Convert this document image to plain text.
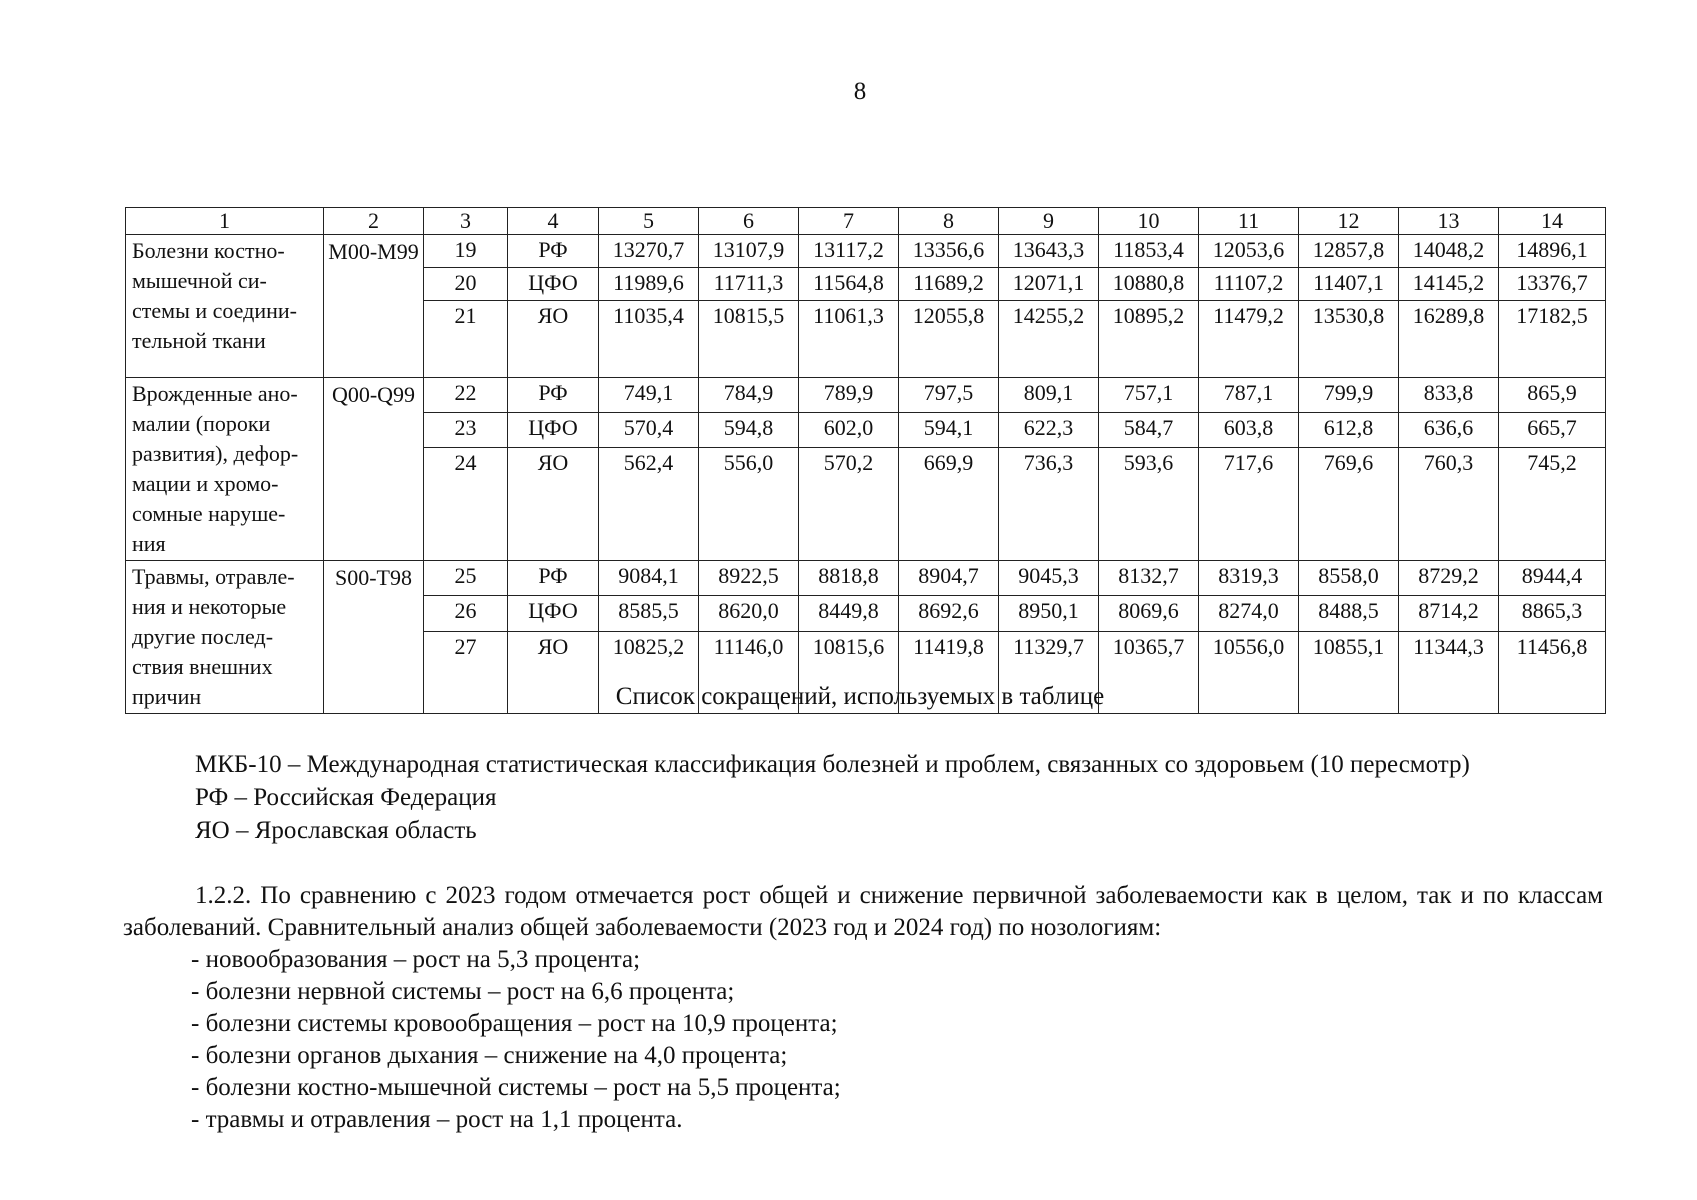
8
1	2	3	4	5	6	7	8	9	10	11	12	13	14
Болезни костно-мышечной си-стемы и соедини-тельной ткани	M00-M99	19	РФ	13270,7	13107,9	13117,2	13356,6	13643,3	11853,4	12053,6	12857,8	14048,2	14896,1
		20	ЦФО	11989,6	11711,3	11564,8	11689,2	12071,1	10880,8	11107,2	11407,1	14145,2	13376,7
		21	ЯО	11035,4	10815,5	11061,3	12055,8	14255,2	10895,2	11479,2	13530,8	16289,8	17182,5
Врожденные ано-малии (пороки развития), дефор-мации и хромо-сомные наруше-ния	Q00-Q99	22	РФ	749,1	784,9	789,9	797,5	809,1	757,1	787,1	799,9	833,8	865,9
		23	ЦФО	570,4	594,8	602,0	594,1	622,3	584,7	603,8	612,8	636,6	665,7
		24	ЯО	562,4	556,0	570,2	669,9	736,3	593,6	717,6	769,6	760,3	745,2
Травмы, отравле-ния и некоторые другие послед-ствия внешних причин	S00-T98	25	РФ	9084,1	8922,5	8818,8	8904,7	9045,3	8132,7	8319,3	8558,0	8729,2	8944,4
		26	ЦФО	8585,5	8620,0	8449,8	8692,6	8950,1	8069,6	8274,0	8488,5	8714,2	8865,3
		27	ЯО	10825,2	11146,0	10815,6	11419,8	11329,7	10365,7	10556,0	10855,1	11344,3	11456,8
Список сокращений, используемых в таблице
МКБ-10 – Международная статистическая классификация болезней и проблем, связанных со здоровьем (10 пересмотр)
РФ – Российская Федерация
ЯО – Ярославская область

1.2.2. По сравнению с 2023 годом отмечается рост общей и снижение первичной заболеваемости как в целом, так и по классам заболеваний. Сравнительный анализ общей заболеваемости (2023 год и 2024 год) по нозологиям:

- новообразования – рост на 5,3 процента;
- болезни нервной системы – рост на 6,6 процента;
- болезни системы кровообращения – рост на 10,9 процента;
- болезни органов дыхания – снижение на 4,0 процента;
- болезни костно-мышечной системы – рост на 5,5 процента;
- травмы и отравления – рост на 1,1 процента.
